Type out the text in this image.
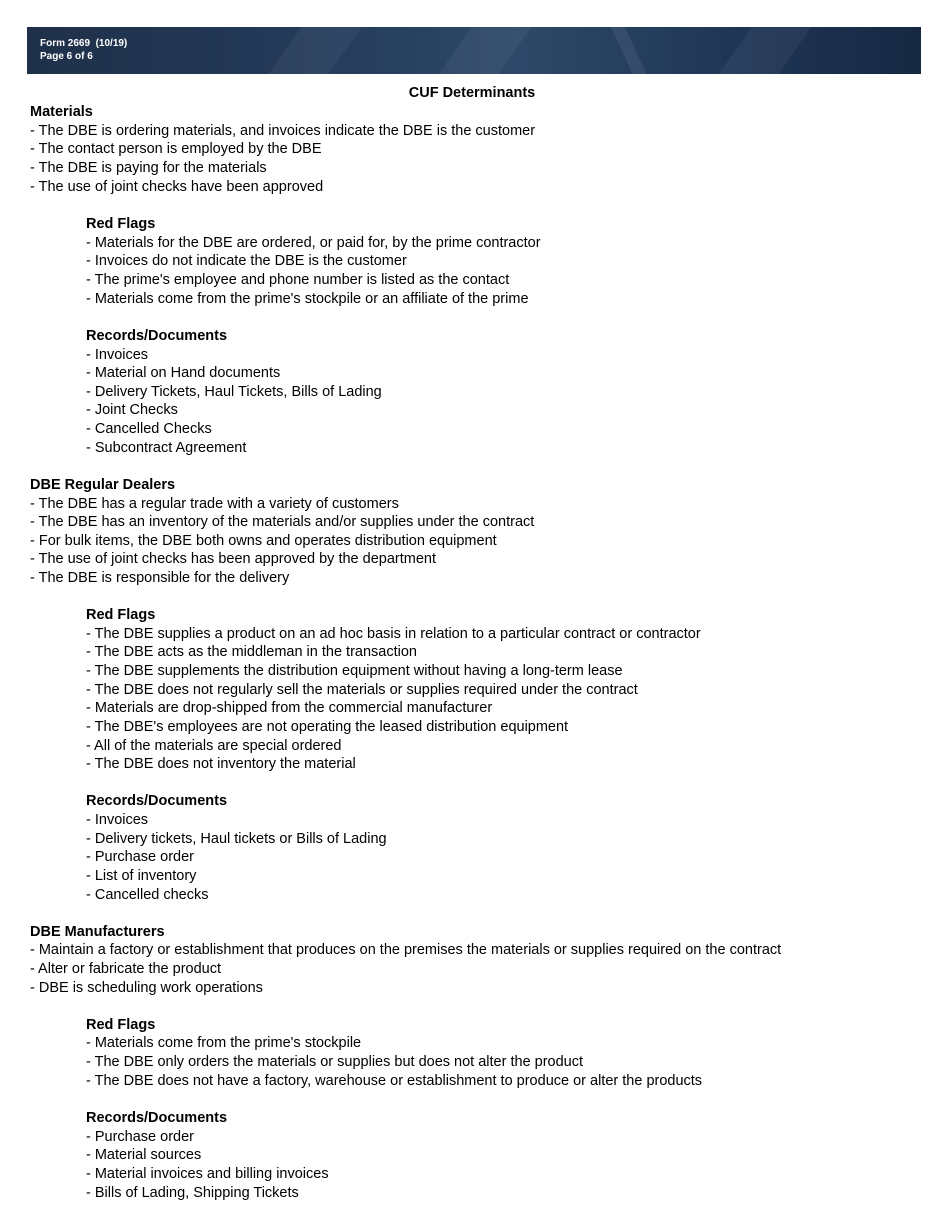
Form 2669  (10/19)
Page 6 of 6
CUF Determinants
Materials
- The DBE is ordering materials, and invoices indicate the DBE is the customer
- The contact person is employed by the DBE
- The DBE is paying for the materials
- The use of joint checks have been approved
Red Flags
- Materials for the DBE are ordered, or paid for, by the prime contractor
- Invoices do not indicate the DBE is the customer
- The prime's employee and phone number is listed as the contact
- Materials come from the prime's stockpile or an affiliate of the prime
Records/Documents
- Invoices
- Material on Hand documents
- Delivery Tickets, Haul Tickets, Bills of Lading
- Joint Checks
- Cancelled Checks
- Subcontract Agreement
DBE Regular Dealers
- The DBE has a regular trade with a variety of customers
- The DBE has an inventory of the materials and/or supplies under the contract
- For bulk items, the DBE both owns and operates distribution equipment
- The use of joint checks has been approved by the department
- The DBE is responsible for the delivery
Red Flags
- The DBE supplies a product on an ad hoc basis in relation to a particular contract or contractor
- The DBE acts as the middleman in the transaction
- The DBE supplements the distribution equipment without having a long-term lease
- The DBE does not regularly sell the materials or supplies required under the contract
- Materials are drop-shipped from the commercial manufacturer
- The DBE's employees are not operating the leased distribution equipment
- All of the materials are special ordered
- The DBE does not inventory the material
Records/Documents
- Invoices
- Delivery tickets, Haul tickets or Bills of Lading
- Purchase order
- List of inventory
- Cancelled checks
DBE Manufacturers
- Maintain a factory or establishment that produces on the premises the materials or supplies required on the contract
- Alter or fabricate the product
- DBE is scheduling work operations
Red Flags
- Materials come from the prime's stockpile
- The DBE only orders the materials or supplies but does not alter the product
- The DBE does not have a factory, warehouse or establishment to produce or alter the products
Records/Documents
- Purchase order
- Material sources
- Material invoices and billing invoices
- Bills of Lading, Shipping Tickets
